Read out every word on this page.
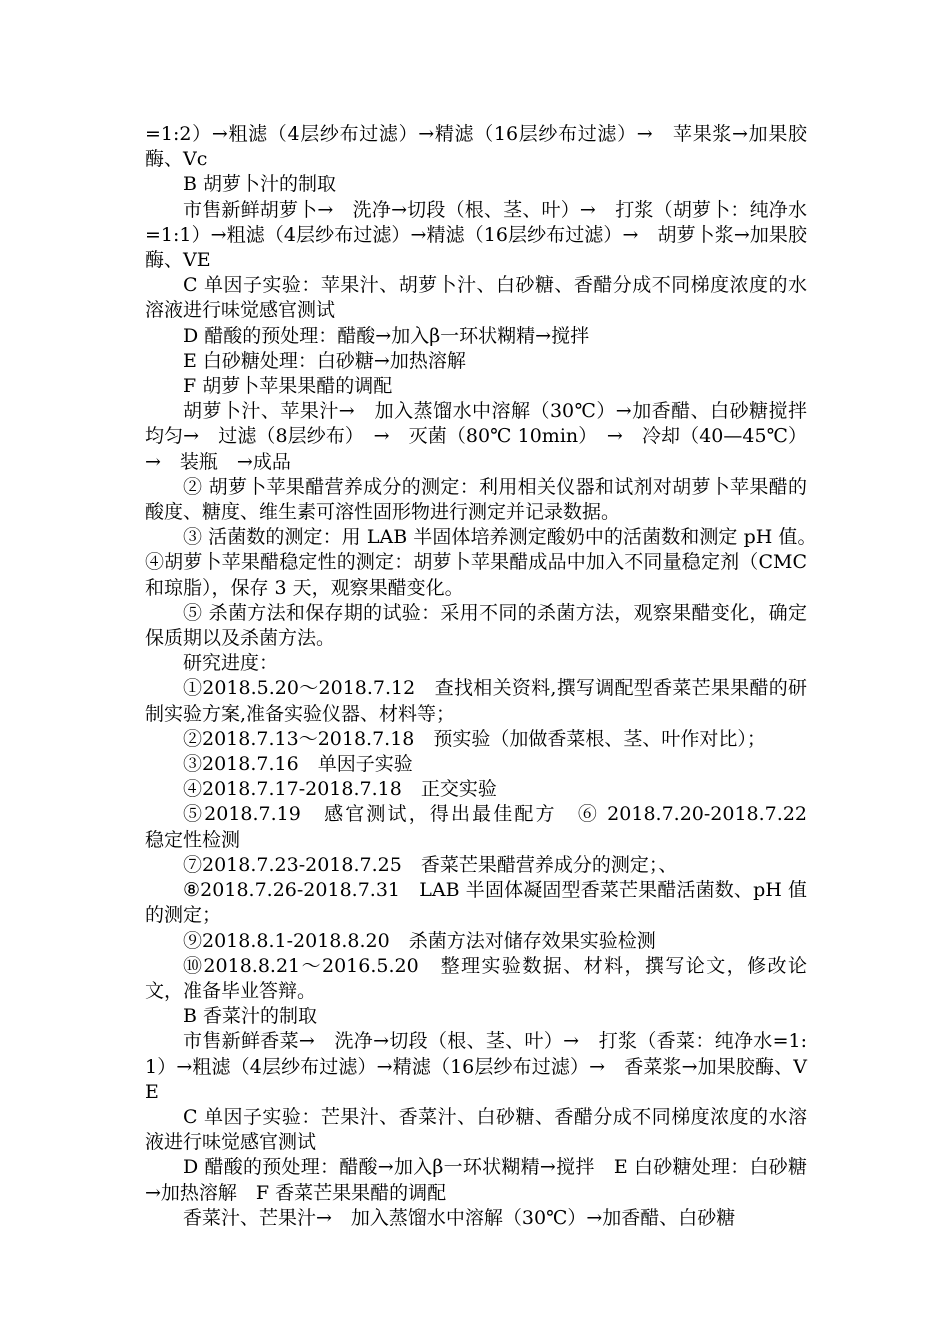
=1:2）→粗滤（4层纱布过滤）→精滤（16层纱布过滤）→　苹果浆→加果胶酶、Vc

B 胡萝卜汁的制取

市售新鲜胡萝卜→　洗净→切段（根、茎、叶）→　打浆（胡萝卜：纯净水=1:1）→粗滤（4层纱布过滤）→精滤（16层纱布过滤）→　胡萝卜浆→加果胶酶、VE

C 单因子实验：苹果汁、胡萝卜汁、白砂糖、香醋分成不同梯度浓度的水溶液进行味觉感官测试

D 醋酸的预处理：醋酸→加入β一环状糊精→搅拌

E 白砂糖处理：白砂糖→加热溶解

F 胡萝卜苹果果醋的调配

胡萝卜汁、苹果汁→　加入蒸馏水中溶解（30℃）→加香醋、白砂糖搅拌均匀→　过滤（8层纱布）　→　灭菌（80℃ 10min）　→　冷却（40—45℃）→　装瓶　→成品

② 胡萝卜苹果醋营养成分的测定：利用相关仪器和试剂对胡萝卜苹果醋的酸度、糖度、维生素可溶性固形物进行测定并记录数据。

③ 活菌数的测定：用 LAB 半固体培养测定酸奶中的活菌数和测定 pH 值。　④胡萝卜苹果醋稳定性的测定：胡萝卜苹果醋成品中加入不同量稳定剂（CMC 和琼脂），保存 3 天，观察果醋变化。

⑤ 杀菌方法和保存期的试验：采用不同的杀菌方法，观察果醋变化，确定保质期以及杀菌方法。

研究进度：

①2018.5.20～2018.7.12　查找相关资料,撰写调配型香菜芒果果醋的研制实验方案,准备实验仪器、材料等；

②2018.7.13～2018.7.18　预实验（加做香菜根、茎、叶作对比）；

③2018.7.16　单因子实验

④2018.7.17-2018.7.18　正交实验

⑤2018.7.19　感官测试，得出最佳配方　⑥ 2018.7.20-2018.7.22　稳定性检测

⑦2018.7.23-2018.7.25　香菜芒果醋营养成分的测定；、

⑧2018.7.26-2018.7.31　LAB 半固体凝固型香菜芒果醋活菌数、pH 值的测定；

⑨2018.8.1-2018.8.20　杀菌方法对储存效果实验检测

⑩2018.8.21～2016.5.20　整理实验数据、材料，撰写论文，修改论文，准备毕业答辩。

B 香菜汁的制取

市售新鲜香菜→　洗净→切段（根、茎、叶）→　打浆（香菜：纯净水=1:1）→粗滤（4层纱布过滤）→精滤（16层纱布过滤）→　香菜浆→加果胶酶、VE

C 单因子实验：芒果汁、香菜汁、白砂糖、香醋分成不同梯度浓度的水溶液进行味觉感官测试

D 醋酸的预处理：醋酸→加入β一环状糊精→搅拌　E 白砂糖处理：白砂糖→加热溶解　F 香菜芒果果醋的调配

香菜汁、芒果汁→　加入蒸馏水中溶解（30℃）→加香醋、白砂糖
